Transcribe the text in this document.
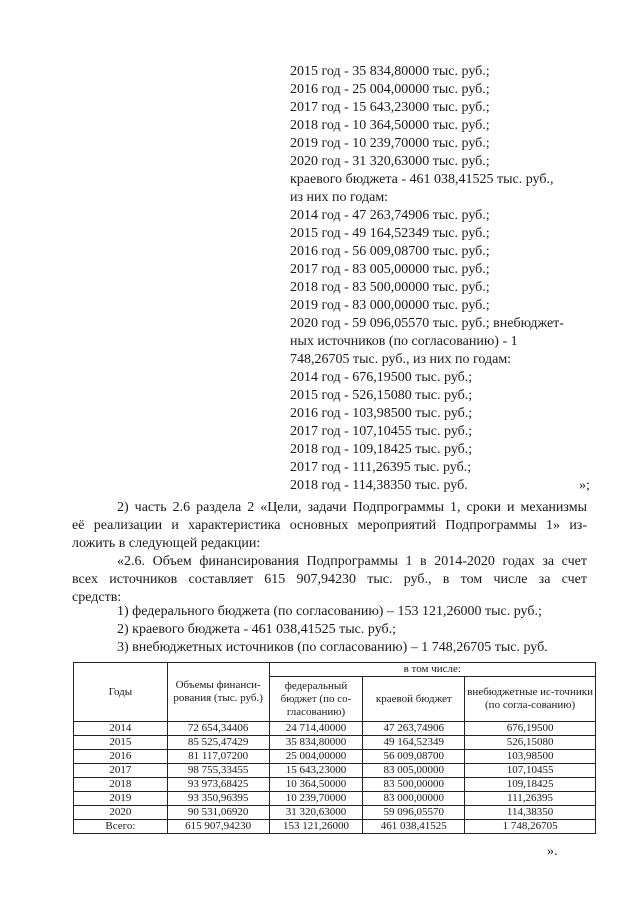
2015 год - 35 834,80000 тыс. руб.;
2016 год - 25 004,00000 тыс. руб.;
2017 год - 15 643,23000 тыс. руб.;
2018 год - 10 364,50000 тыс. руб.;
2019 год - 10 239,70000 тыс. руб.;
2020 год - 31 320,63000 тыс. руб.;
краевого бюджета - 461 038,41525 тыс. руб.,
из них по годам:
2014 год - 47 263,74906 тыс. руб.;
2015 год - 49 164,52349 тыс. руб.;
2016 год - 56 009,08700 тыс. руб.;
2017 год - 83 005,00000 тыс. руб.;
2018 год - 83 500,00000 тыс. руб.;
2019 год - 83 000,00000 тыс. руб.;
2020 год - 59 096,05570 тыс. руб.; внебюджет-
ных источников (по согласованию) - 1
748,26705 тыс. руб., из них по годам:
2014 год - 676,19500 тыс. руб.;
2015 год - 526,15080 тыс. руб.;
2016 год - 103,98500 тыс. руб.;
2017 год - 107,10455 тыс. руб.;
2018 год - 109,18425 тыс. руб.;
2017 год - 111,26395 тыс. руб.;
2018 год - 114,38350 тыс. руб.	»;
2) часть 2.6 раздела 2 «Цели, задачи Подпрограммы 1, сроки и механизмы
её реализации и характеристика основных мероприятий Подпрограммы 1» из-
ложить в следующей редакции:
«2.6. Объем финансирования Подпрограммы 1 в 2014-2020 годах за счет
всех источников составляет 615 907,94230 тыс. руб., в том числе за счет
средств:
1) федерального бюджета (по согласованию) – 153 121,26000 тыс. руб.;
2) краевого бюджета - 461 038,41525 тыс. руб.;
3) внебюджетных источников (по согласованию) – 1 748,26705 тыс. руб.
Годы	Объемы финанси-рования (тыс. руб.)	в том числе:		
		федеральный бюджет (по со-гласованию)	краевой бюджет	внебюджетные ис-точники (по согла-сованию)
2014	72 654,34406	24 714,40000	47 263,74906	676,19500
2015	85 525,47429	35 834,80000	49 164,52349	526,15080
2016	81 117,07200	25 004,00000	56 009,08700	103,98500
2017	98 755,33455	15 643,23000	83 005,00000	107,10455
2018	93 973,68425	10 364,50000	83 500,00000	109,18425
2019	93 350,96395	10 239,70000	83 000,00000	111,26395
2020	90 531,06920	31 320,63000	59 096,05570	114,38350
Всего:	615 907,94230	153 121,26000	461 038,41525	1 748,26705
».
